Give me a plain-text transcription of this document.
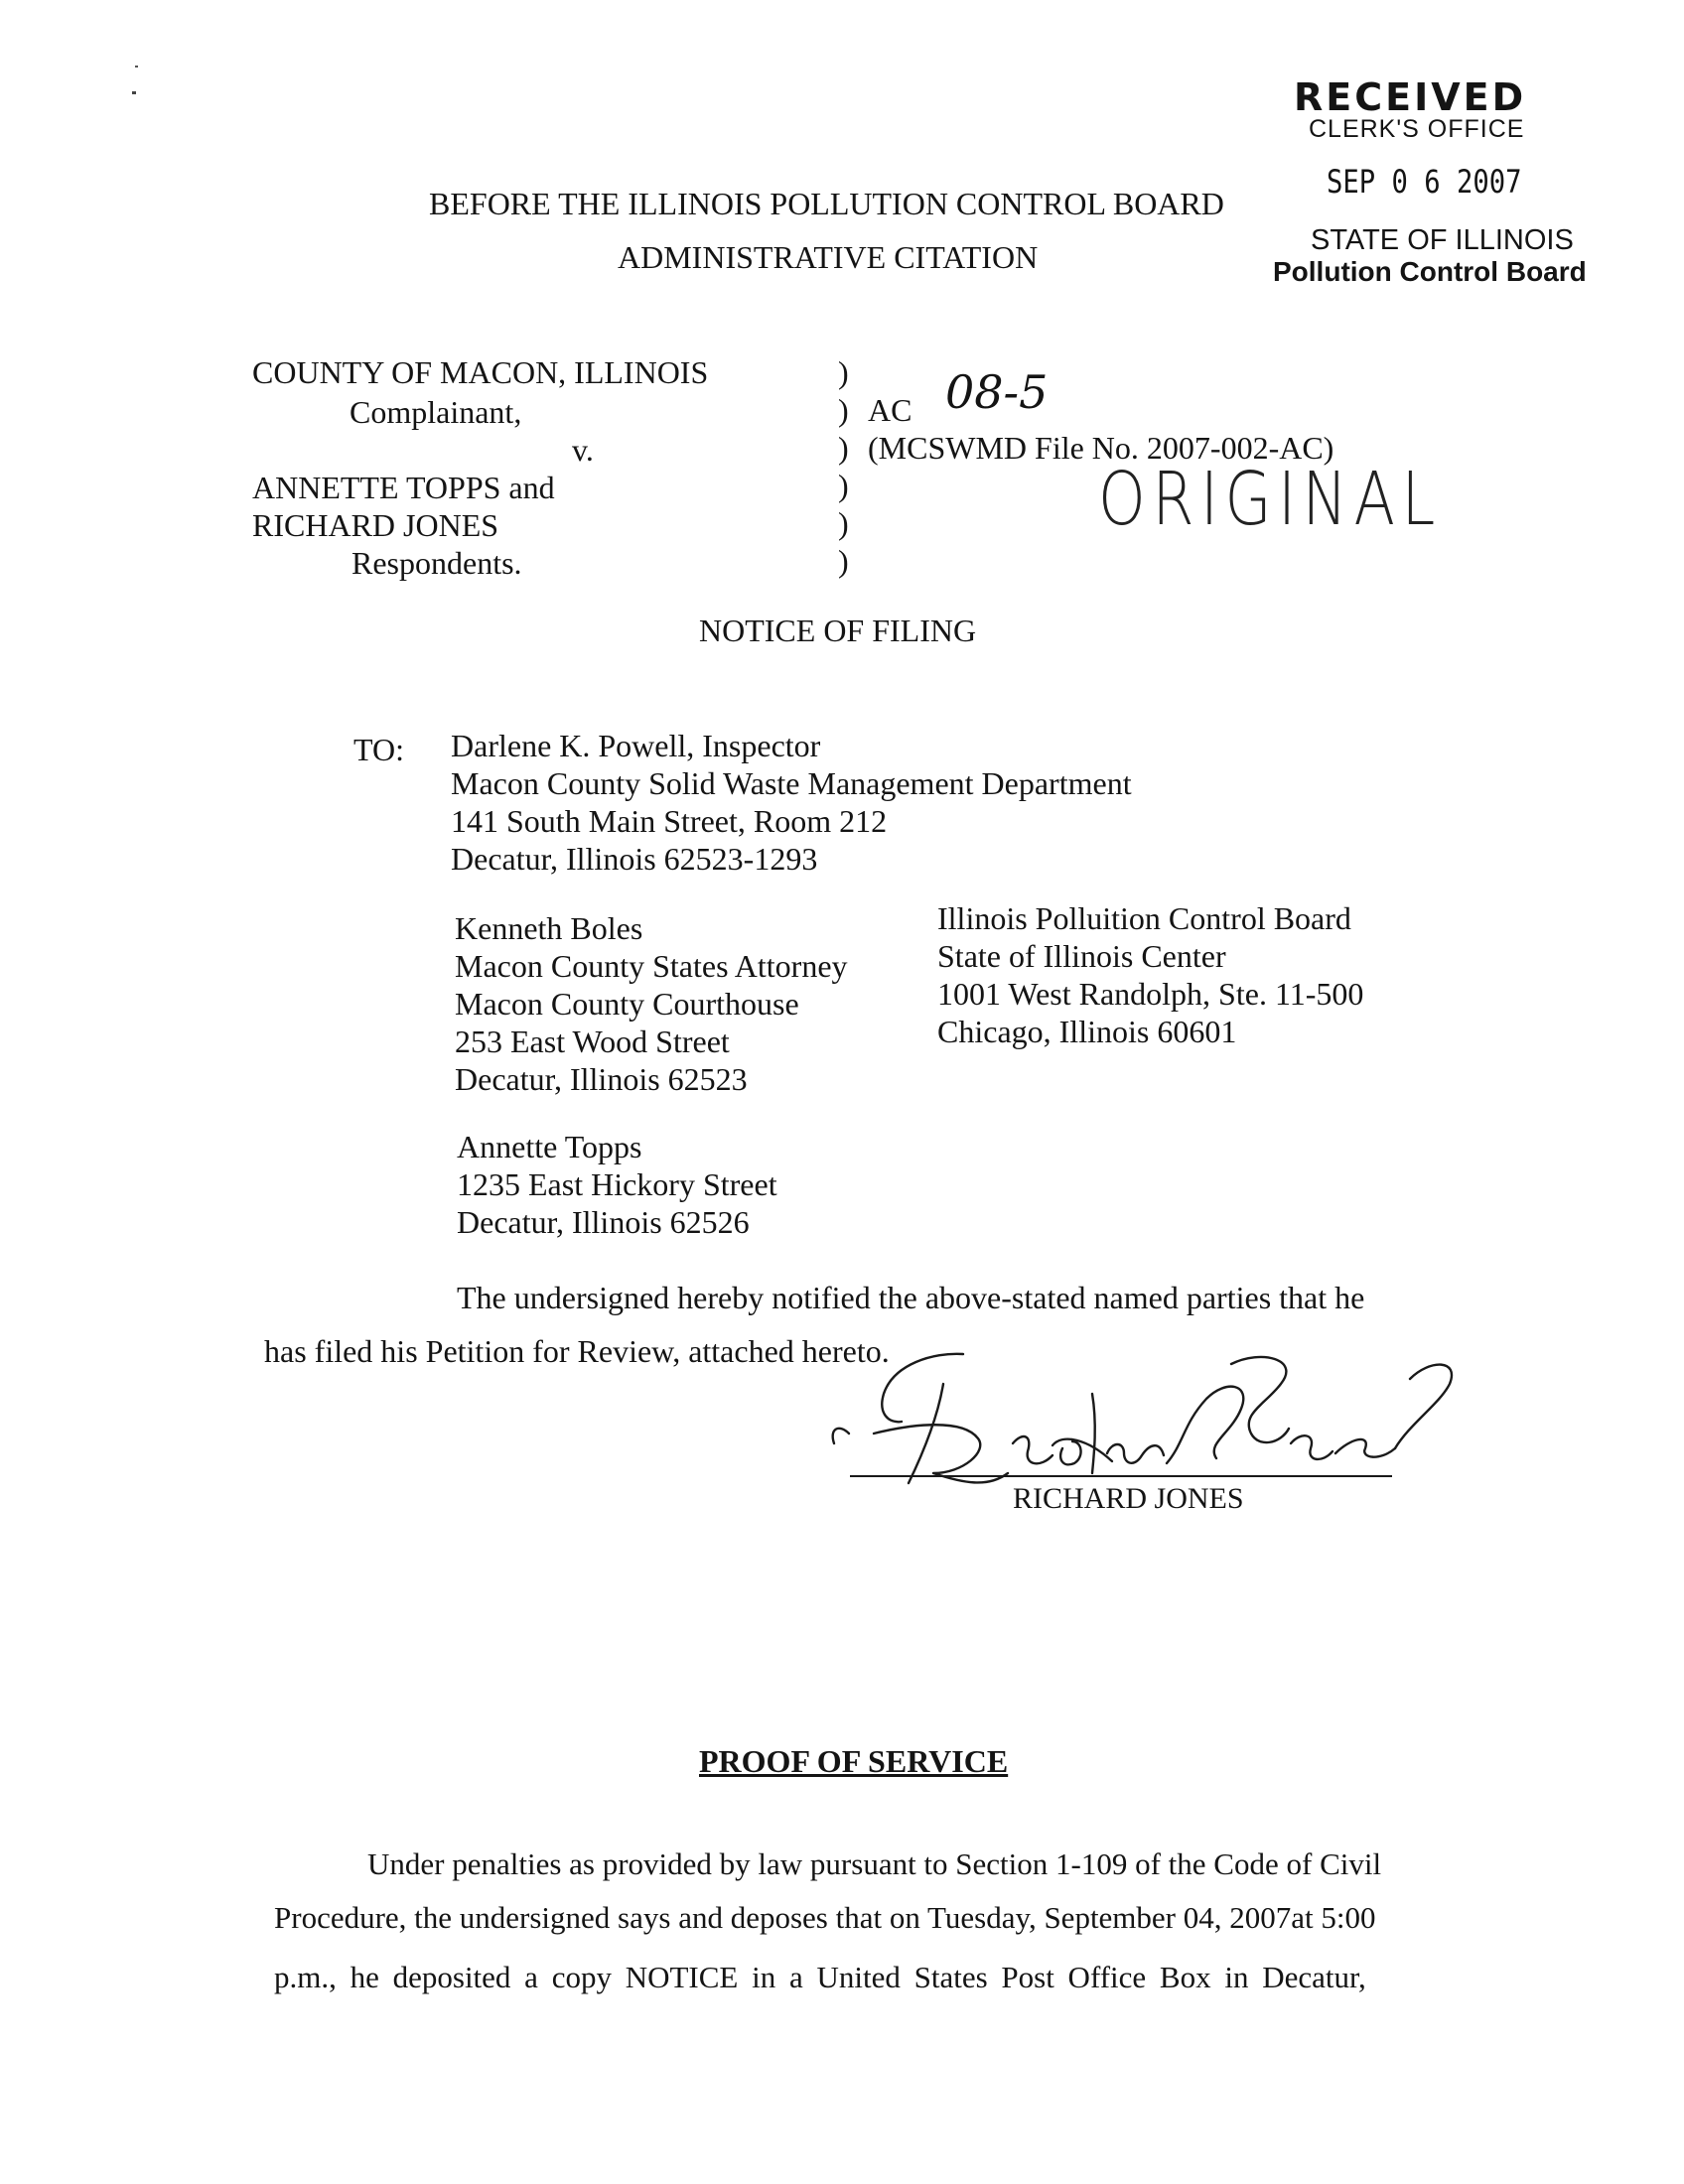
RECEIVED
CLERK'S OFFICE
SEP 0 6 2007
STATE OF ILLINOIS
Pollution Control Board
BEFORE THE ILLINOIS POLLUTION CONTROL BOARD
ADMINISTRATIVE CITATION
COUNTY OF MACON, ILLINOIS
Complainant,
v.
ANNETTE TOPPS and
RICHARD JONES
Respondents.
)
)
)
)
)
)
AC 08-5
(MCSWMD File No. 2007-002-AC)
ORIGINAL
NOTICE OF FILING
TO: Darlene K. Powell, Inspector
Macon County Solid Waste Management Department
141 South Main Street, Room 212
Decatur, Illinois 62523-1293
Kenneth Boles
Macon County States Attorney
Macon County Courthouse
253 East Wood Street
Decatur, Illinois 62523
Illinois Polluition Control Board
State of Illinois Center
1001 West Randolph, Ste. 11-500
Chicago, Illinois 60601
Annette Topps
1235 East Hickory Street
Decatur, Illinois 62526
The undersigned hereby notified the above-stated named parties that he
has filed his Petition for Review, attached hereto.
RICHARD JONES
PROOF OF SERVICE
Under penalties as provided by law pursuant to Section 1-109 of the Code of Civil
Procedure, the undersigned says and deposes that on Tuesday, September 04, 2007at 5:00
p.m., he deposited a copy NOTICE in a United States Post Office Box in Decatur,
